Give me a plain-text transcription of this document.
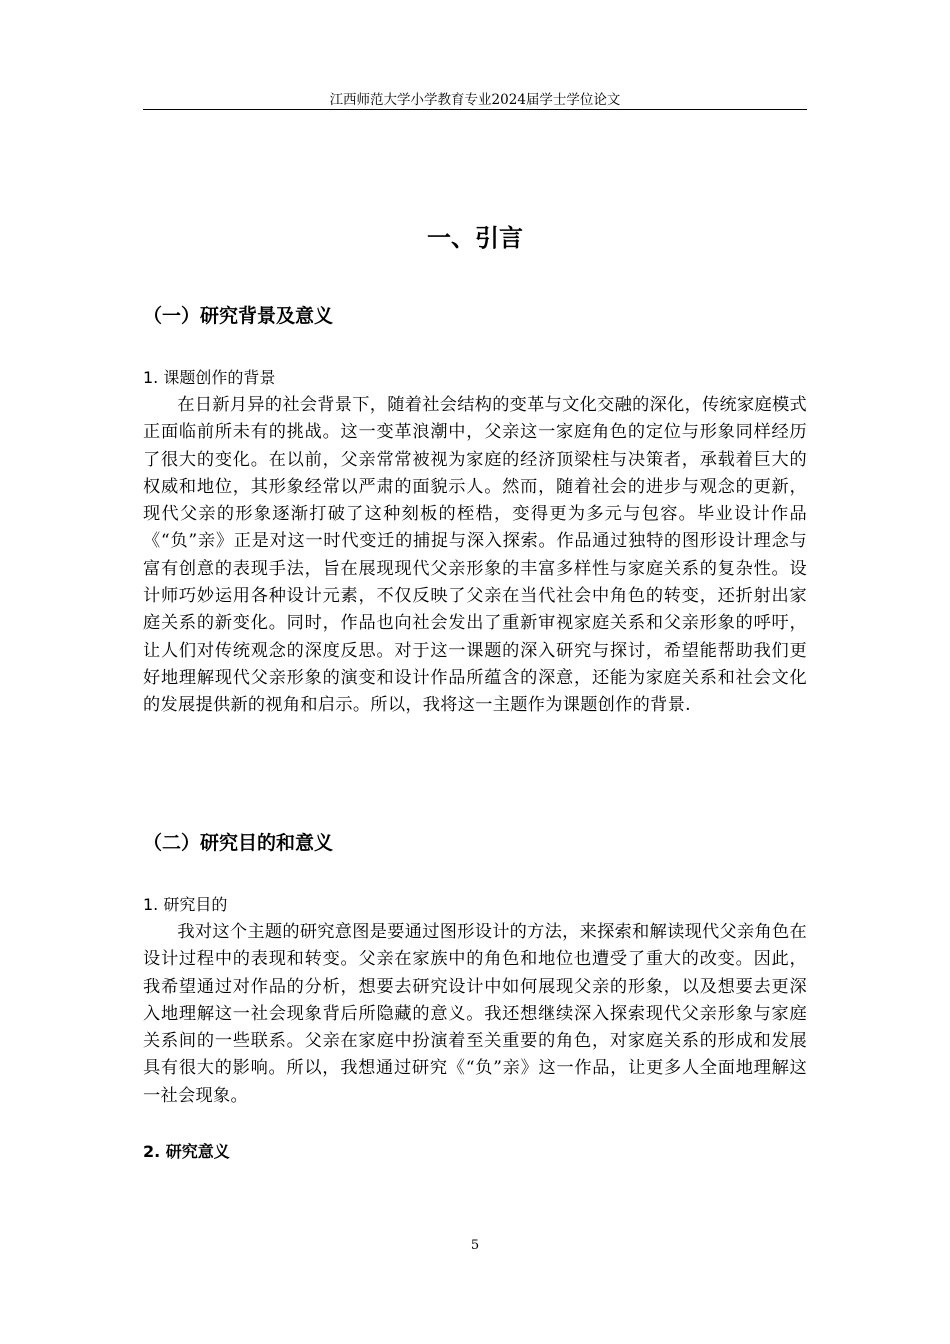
江西师范大学小学教育专业2024届学士学位论文
一、引言
（一）研究背景及意义
1. 课题创作的背景

在日新月异的社会背景下，随着社会结构的变革与文化交融的深化，传统家庭模式正面临前所未有的挑战。这一变革浪潮中，父亲这一家庭角色的定位与形象同样经历了很大的变化。在以前，父亲常常被视为家庭的经济顶梁柱与决策者，承载着巨大的权威和地位，其形象经常以严肃的面貌示人。然而，随着社会的进步与观念的更新，现代父亲的形象逐渐打破了这种刻板的桎梏，变得更为多元与包容。毕业设计作品《“负”亲》正是对这一时代变迁的捕捉与深入探索。作品通过独特的图形设计理念与富有创意的表现手法，旨在展现现代父亲形象的丰富多样性与家庭关系的复杂性。设计师巧妙运用各种设计元素，不仅反映了父亲在当代社会中角色的转变，还折射出家庭关系的新变化。同时，作品也向社会发出了重新审视家庭关系和父亲形象的呼吁，让人们对传统观念的深度反思。对于这一课题的深入研究与探讨，希望能帮助我们更好地理解现代父亲形象的演变和设计作品所蕴含的深意，还能为家庭关系和社会文化的发展提供新的视角和启示。所以，我将这一主题作为课题创作的背景.

（二）研究目的和意义
1. 研究目的

我对这个主题的研究意图是要通过图形设计的方法，来探索和解读现代父亲角色在设计过程中的表现和转变。父亲在家族中的角色和地位也遭受了重大的改变。因此，我希望通过对作品的分析，想要去研究设计中如何展现父亲的形象，以及想要去更深入地理解这一社会现象背后所隐藏的意义。我还想继续深入探索现代父亲形象与家庭关系间的一些联系。父亲在家庭中扮演着至关重要的角色，对家庭关系的形成和发展具有很大的影响。所以，我想通过研究《“负”亲》这一作品，让更多人全面地理解这一社会现象。

2. 研究意义
5
